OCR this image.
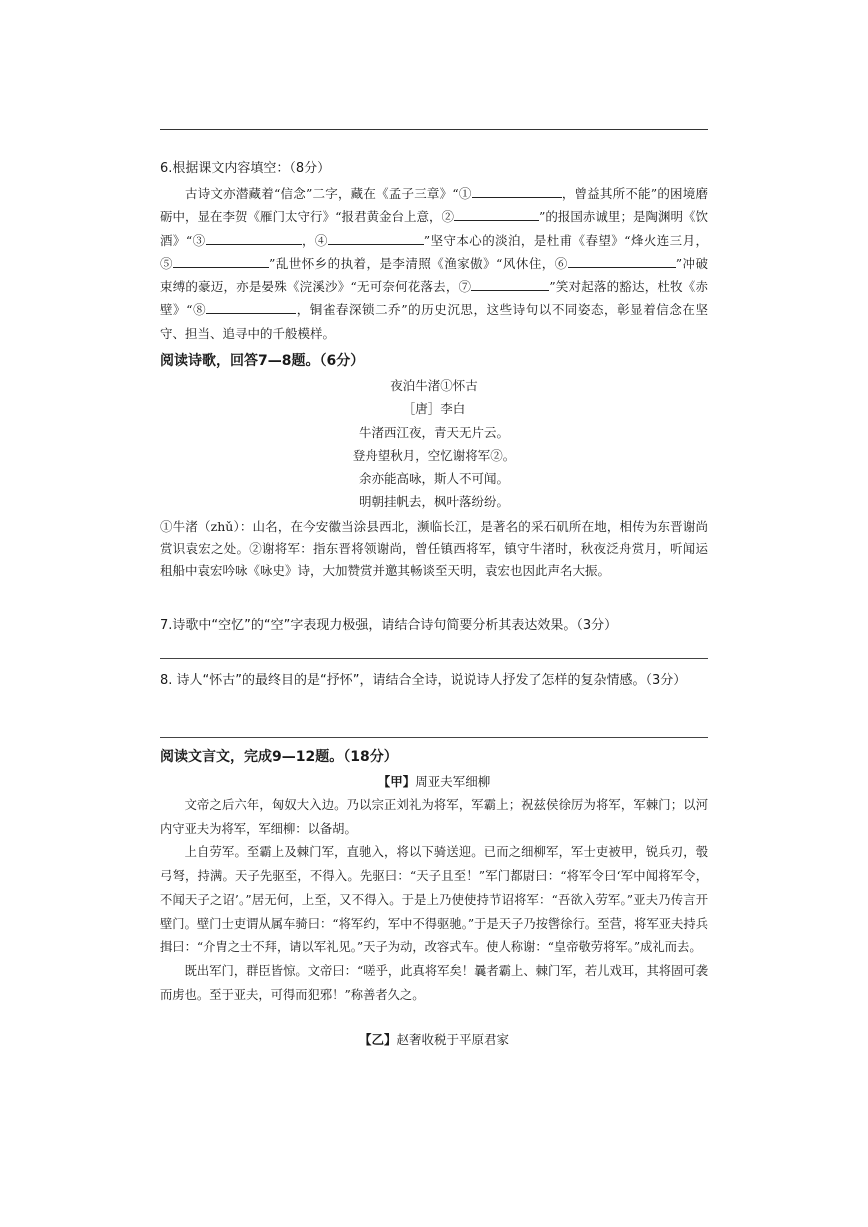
6.根据课文内容填空：（8分）

古诗文亦潜藏着“信念”二字，藏在《孟子三章》“①	，曾益其所不能”的困境磨砺中，显在李贺《雁门太守行》“报君黄金台上意，②	”的报国赤诚里；是陶渊明《饮酒》“③	，④	”坚守本心的淡泊，是杜甫《春望》“烽火连三月，⑤	”乱世怀乡的执着，是李清照《渔家傲》“风休住，⑥	”冲破束缚的豪迈，亦是晏殊《浣溪沙》“无可奈何花落去，⑦	”笑对起落的豁达，杜牧《赤壁》“⑧	，铜雀春深锁二乔”的历史沉思，这些诗句以不同姿态，彰显着信念在坚守、担当、追寻中的千般模样。

阅读诗歌，回答7—8题。（6分）
夜泊牛渚①怀古
［唐］李白
牛渚西江夜，青天无片云。
登舟望秋月，空忆谢将军②。
余亦能高咏，斯人不可闻。
明朝挂帆去，枫叶落纷纷。
①牛渚（zhǔ）：山名，在今安徽当涂县西北，濒临长江，是著名的采石矶所在地，相传为东晋谢尚赏识袁宏之处。②谢将军：指东晋将领谢尚，曾任镇西将军，镇守牛渚时，秋夜泛舟赏月，听闻运租船中袁宏吟咏《咏史》诗，大加赞赏并邀其畅谈至天明，袁宏也因此声名大振。
7.诗歌中“空忆”的“空”字表现力极强，请结合诗句简要分析其表达效果。（3分）
8. 诗人“怀古”的最终目的是“抒怀”，请结合全诗，说说诗人抒发了怎样的复杂情感。（3分）
阅读文言文，完成9—12题。（18分）
【甲】周亚夫军细柳

文帝之后六年，匈奴大入边。乃以宗正刘礼为将军，军霸上；祝兹侯徐厉为将军，军棘门；以河内守亚夫为将军，军细柳：以备胡。

上自劳军。至霸上及棘门军，直驰入，将以下骑送迎。已而之细柳军，军士吏被甲，锐兵刃，彀弓弩，持满。天子先驱至，不得入。先驱曰：“天子且至！”军门都尉曰：“将军令曰‘军中闻将军令，不闻天子之诏’。”居无何，上至，又不得入。于是上乃使使持节诏将军：“吾欲入劳军。”亚夫乃传言开壁门。壁门士吏谓从属车骑曰：“将军约，军中不得驱驰。”于是天子乃按辔徐行。至营，将军亚夫持兵揖曰：“介胄之士不拜，请以军礼见。”天子为动，改容式车。使人称谢：“皇帝敬劳将军。”成礼而去。

既出军门，群臣皆惊。文帝曰：“嗟乎，此真将军矣！曩者霸上、棘门军，若儿戏耳，其将固可袭而虏也。至于亚夫，可得而犯邪！”称善者久之。

【乙】赵奢收税于平原君家
